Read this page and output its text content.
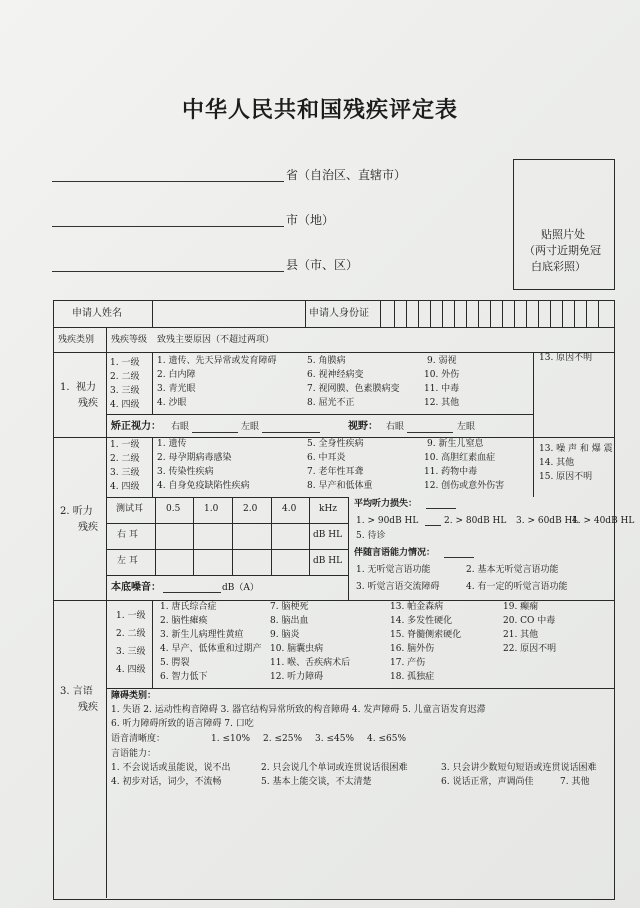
中华人民共和国残疾评定表
省（自治区、直辖市）
市（地）
县（市、区）
贴照片处
（两寸近期免冠
白底彩照）
申请人姓名	申请人身份证
残疾类别 残疾等级 致残主要原因（不超过两项）
1. 视力
残疾
1. 一级
2. 二级
3. 三级
4. 四级
1. 遗传、先天异常或发育障碍
2. 白内障
3. 青光眼
4. 沙眼
5. 角膜病
6. 视神经病变
7. 视网膜、色素膜病变
8. 屈光不正
9. 弱视
10. 外伤
11. 中毒
12. 其他
13. 原因不明
矫正视力： 右眼	左眼	视野： 右眼	左眼
2. 听力
残疾
1. 一级
2. 二级
3. 三级
4. 四级
1. 遗传
2. 母孕期病毒感染
3. 传染性疾病
4. 自身免疫缺陷性疾病
5. 全身性疾病
6. 中耳炎
7. 老年性耳聋
8. 早产和低体重
9. 新生儿窒息
10. 高胆红素血症
11. 药物中毒
12. 创伤或意外伤害
13. 噪 声 和 爆 震
14. 其他
15. 原因不明
测试耳	0.5	1.0	2.0	4.0	kHz
右 耳	dB HL
左 耳	dB HL
本底噪音：	dB（A）
平均听力损失：
1. > 90dB HL	2. > 80dB HL 3. > 60dB HL
4. > 40dB HL
5. 待诊
伴随言语能力情况：
1. 无听觉言语功能	2. 基本无听觉言语功能
3. 听觉言语交流障碍	4. 有一定的听觉言语功能
3. 言语
残疾
1. 一级
2. 二级
3. 三级
4. 四级
1. 唐氏综合症
2. 脑性瘫痪
3. 新生儿病理性黄疸
4. 早产、低体重和过期产
5. 腭裂
6. 智力低下
7. 脑梗死
8. 脑出血
9. 脑炎
10. 脑囊虫病
11. 喉、舌疾病术后
12. 听力障碍
13. 帕金森病
14. 多发性硬化
15. 脊髓侧索硬化
16. 脑外伤
17. 产伤
18. 孤独症
19. 癫痫
20. CO 中毒
21. 其他
22. 原因不明
障碍类别：
1. 失语 2. 运动性构音障碍 3. 器官结构异常所致的构音障碍 4. 发声障碍 5. 儿童言语发育迟滞
6. 听力障碍所致的语言障碍 7. 口吃
语音清晰度：	1. ≤10% 2. ≤25% 3. ≤45% 4. ≤65%
言语能力：
1. 不会说话或虽能说，说不出	2. 只会说几个单词或连贯说话很困难	3. 只会讲少数短句短语或连贯说话困难
4. 初步对话，词少，不流畅	5. 基本上能交谈，不太清楚	6. 说话正常，声调尚佳	7. 其他
